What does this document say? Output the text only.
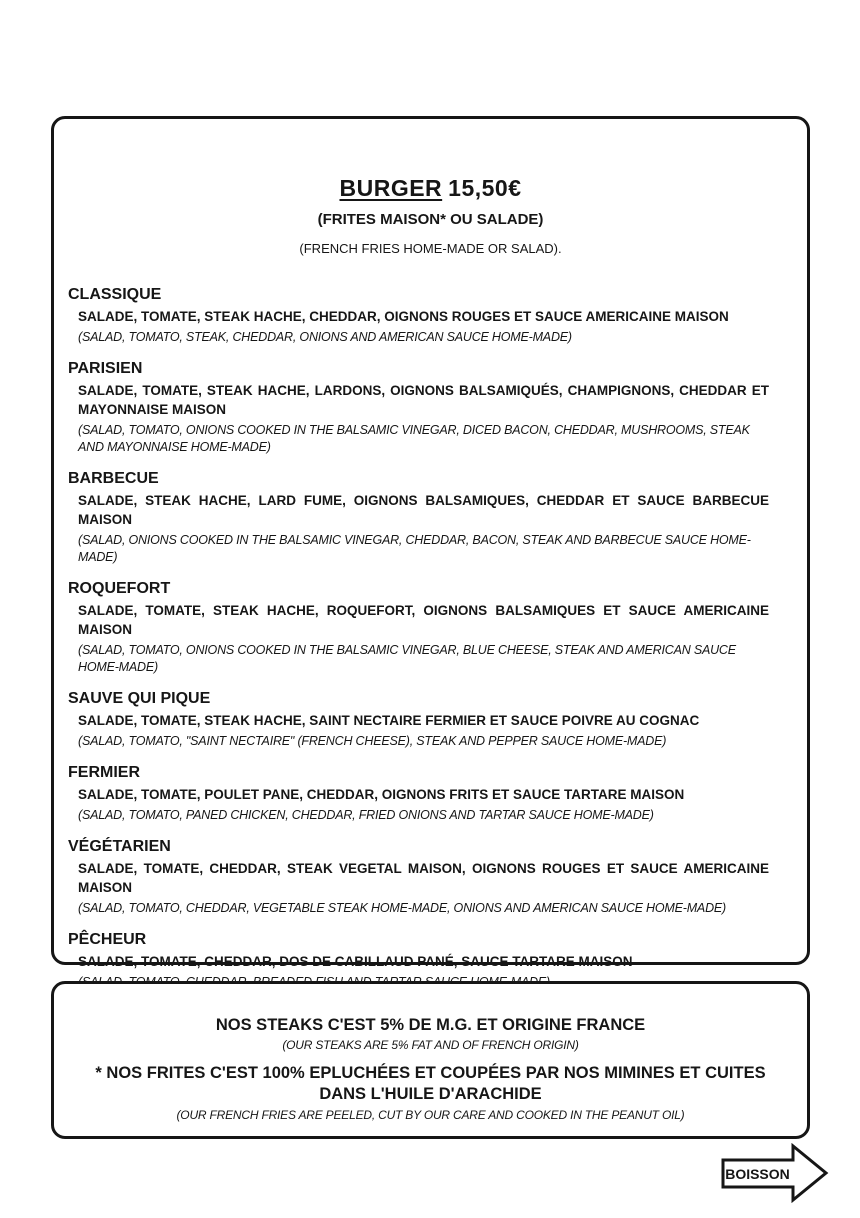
BURGER 15,50€
(FRITES MAISON* OU SALADE)
(FRENCH FRIES HOME-MADE OR SALAD).
CLASSIQUE

SALADE, TOMATE, STEAK HACHE, CHEDDAR, OIGNONS ROUGES ET SAUCE AMERICAINE MAISON

(SALAD, TOMATO, STEAK, CHEDDAR, ONIONS AND AMERICAN SAUCE HOME-MADE)

PARISIEN

SALADE, TOMATE, STEAK HACHE, LARDONS, OIGNONS BALSAMIQUÉS, CHAMPIGNONS, CHEDDAR ET MAYONNAISE MAISON

(SALAD, TOMATO, ONIONS COOKED IN THE BALSAMIC VINEGAR, DICED BACON, CHEDDAR, MUSHROOMS, STEAK AND MAYONNAISE HOME-MADE)

BARBECUE

SALADE, STEAK HACHE, LARD FUME, OIGNONS BALSAMIQUES, CHEDDAR ET SAUCE BARBECUE MAISON

(SALAD, ONIONS COOKED IN THE BALSAMIC VINEGAR, CHEDDAR, BACON, STEAK AND BARBECUE SAUCE HOME-MADE)

ROQUEFORT

SALADE, TOMATE, STEAK HACHE, ROQUEFORT, OIGNONS BALSAMIQUES ET SAUCE AMERICAINE MAISON

(SALAD, TOMATO, ONIONS COOKED IN THE BALSAMIC VINEGAR, BLUE CHEESE, STEAK AND AMERICAN SAUCE HOME-MADE)

SAUVE QUI PIQUE

SALADE, TOMATE, STEAK HACHE, SAINT NECTAIRE FERMIER ET SAUCE POIVRE AU COGNAC

(SALAD, TOMATO, "SAINT NECTAIRE" (FRENCH CHEESE), STEAK AND PEPPER SAUCE HOME-MADE)

FERMIER

SALADE, TOMATE, POULET PANE, CHEDDAR, OIGNONS FRITS ET SAUCE TARTARE MAISON

(SALAD, TOMATO, PANED CHICKEN, CHEDDAR, FRIED ONIONS AND TARTAR SAUCE HOME-MADE)

VÉGÉTARIEN

SALADE, TOMATE, CHEDDAR, STEAK VEGETAL MAISON, OIGNONS ROUGES ET SAUCE AMERICAINE MAISON

(SALAD, TOMATO, CHEDDAR, VEGETABLE STEAK HOME-MADE, ONIONS AND AMERICAN SAUCE HOME-MADE)

PÊCHEUR

SALADE, TOMATE, CHEDDAR, DOS DE CABILLAUD PANÉ, SAUCE TARTARE MAISON

NOS STEAKS C'EST 5% DE M.G. ET ORIGINE FRANCE
(OUR STEAKS ARE 5% FAT AND OF FRENCH ORIGIN)
* NOS FRITES C'EST 100% EPLUCHÉES ET COUPÉES PAR NOS MIMINES ET CUITES DANS L'HUILE D'ARACHIDE
(OUR FRENCH FRIES ARE PEELED, CUT BY OUR CARE AND COOKED IN THE PEANUT OIL)
BOISSON
